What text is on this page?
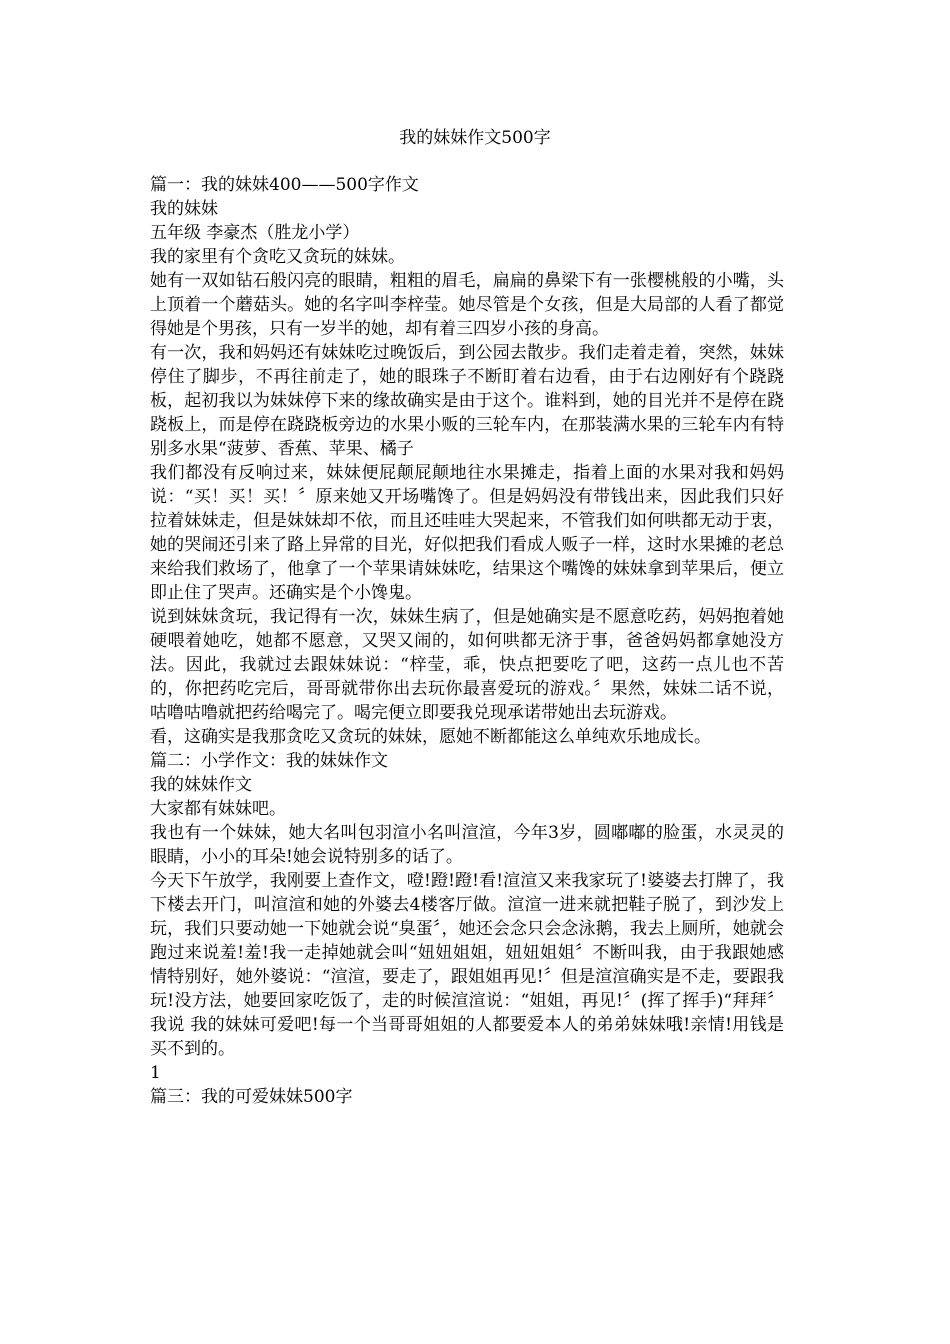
我的妹妹作文500字

篇一：我的妹妹400——500字作文

我的妹妹

五年级 李豪杰（胜龙小学）

我的家里有个贪吃又贪玩的妹妹。

她有一双如钻石般闪亮的眼睛，粗粗的眉毛，扁扁的鼻梁下有一张樱桃般的小嘴，头上顶着一个蘑菇头。她的名字叫李梓莹。她尽管是个女孩，但是大局部的人看了都觉得她是个男孩，只有一岁半的她，却有着三四岁小孩的身高。

有一次，我和妈妈还有妹妹吃过晚饭后，到公园去散步。我们走着走着，突然，妹妹停住了脚步，不再往前走了，她的眼珠子不断盯着右边看，由于右边刚好有个跷跷板，起初我以为妹妹停下来的缘故确实是由于这个。谁料到，她的目光并不是停在跷跷板上，而是停在跷跷板旁边的水果小贩的三轮车内，在那装满水果的三轮车内有特别多水果“菠萝、香蕉、苹果、橘子

我们都没有反响过来，妹妹便屁颠屁颠地往水果摊走，指着上面的水果对我和妈妈说：“买！买！买！〞原来她又开场嘴馋了。但是妈妈没有带钱出来，因此我们只好拉着妹妹走，但是妹妹却不依，而且还哇哇大哭起来，不管我们如何哄都无动于衷，她的哭闹还引来了路上异常的目光，好似把我们看成人贩子一样，这时水果摊的老总来给我们救场了，他拿了一个苹果请妹妹吃，结果这个嘴馋的妹妹拿到苹果后，便立即止住了哭声。还确实是个小馋鬼。

说到妹妹贪玩，我记得有一次，妹妹生病了，但是她确实是不愿意吃药，妈妈抱着她硬喂着她吃，她都不愿意，又哭又闹的，如何哄都无济于事，爸爸妈妈都拿她没方法。因此，我就过去跟妹妹说：“梓莹，乖，快点把要吃了吧，这药一点儿也不苦的，你把药吃完后，哥哥就带你出去玩你最喜爱玩的游戏。〞果然，妹妹二话不说，咕噜咕噜就把药给喝完了。喝完便立即要我兑现承诺带她出去玩游戏。

看，这确实是我那贪吃又贪玩的妹妹，愿她不断都能这么单纯欢乐地成长。

篇二：小学作文：我的妹妹作文

我的妹妹作文

大家都有妹妹吧。

我也有一个妹妹，她大名叫包羽渲小名叫渲渲，今年3岁，圆嘟嘟的脸蛋，水灵灵的眼睛，小小的耳朵!她会说特别多的话了。

今天下午放学，我刚要上查作文，噔!蹬!蹬!看!渲渲又来我家玩了!婆婆去打牌了，我下楼去开门，叫渲渲和她的外婆去4楼客厅做。渲渲一进来就把鞋子脱了，到沙发上玩，我们只要动她一下她就会说“臭蛋〞，她还会念只会念泳鹅，我去上厕所，她就会跑过来说羞!羞!我一走掉她就会叫“妞妞姐姐，妞妞姐姐〞不断叫我，由于我跟她感情特别好，她外婆说：“渲渲，要走了，跟姐姐再见!〞但是渲渲确实是不走，要跟我玩!没方法，她要回家吃饭了，走的时候渲渲说：“姐姐，再见!〞(挥了挥手)“拜拜〞我说 我的妹妹可爱吧!每一个当哥哥姐姐的人都要爱本人的弟弟妹妹哦!亲情!用钱是买不到的。

1

篇三：我的可爱妹妹500字
